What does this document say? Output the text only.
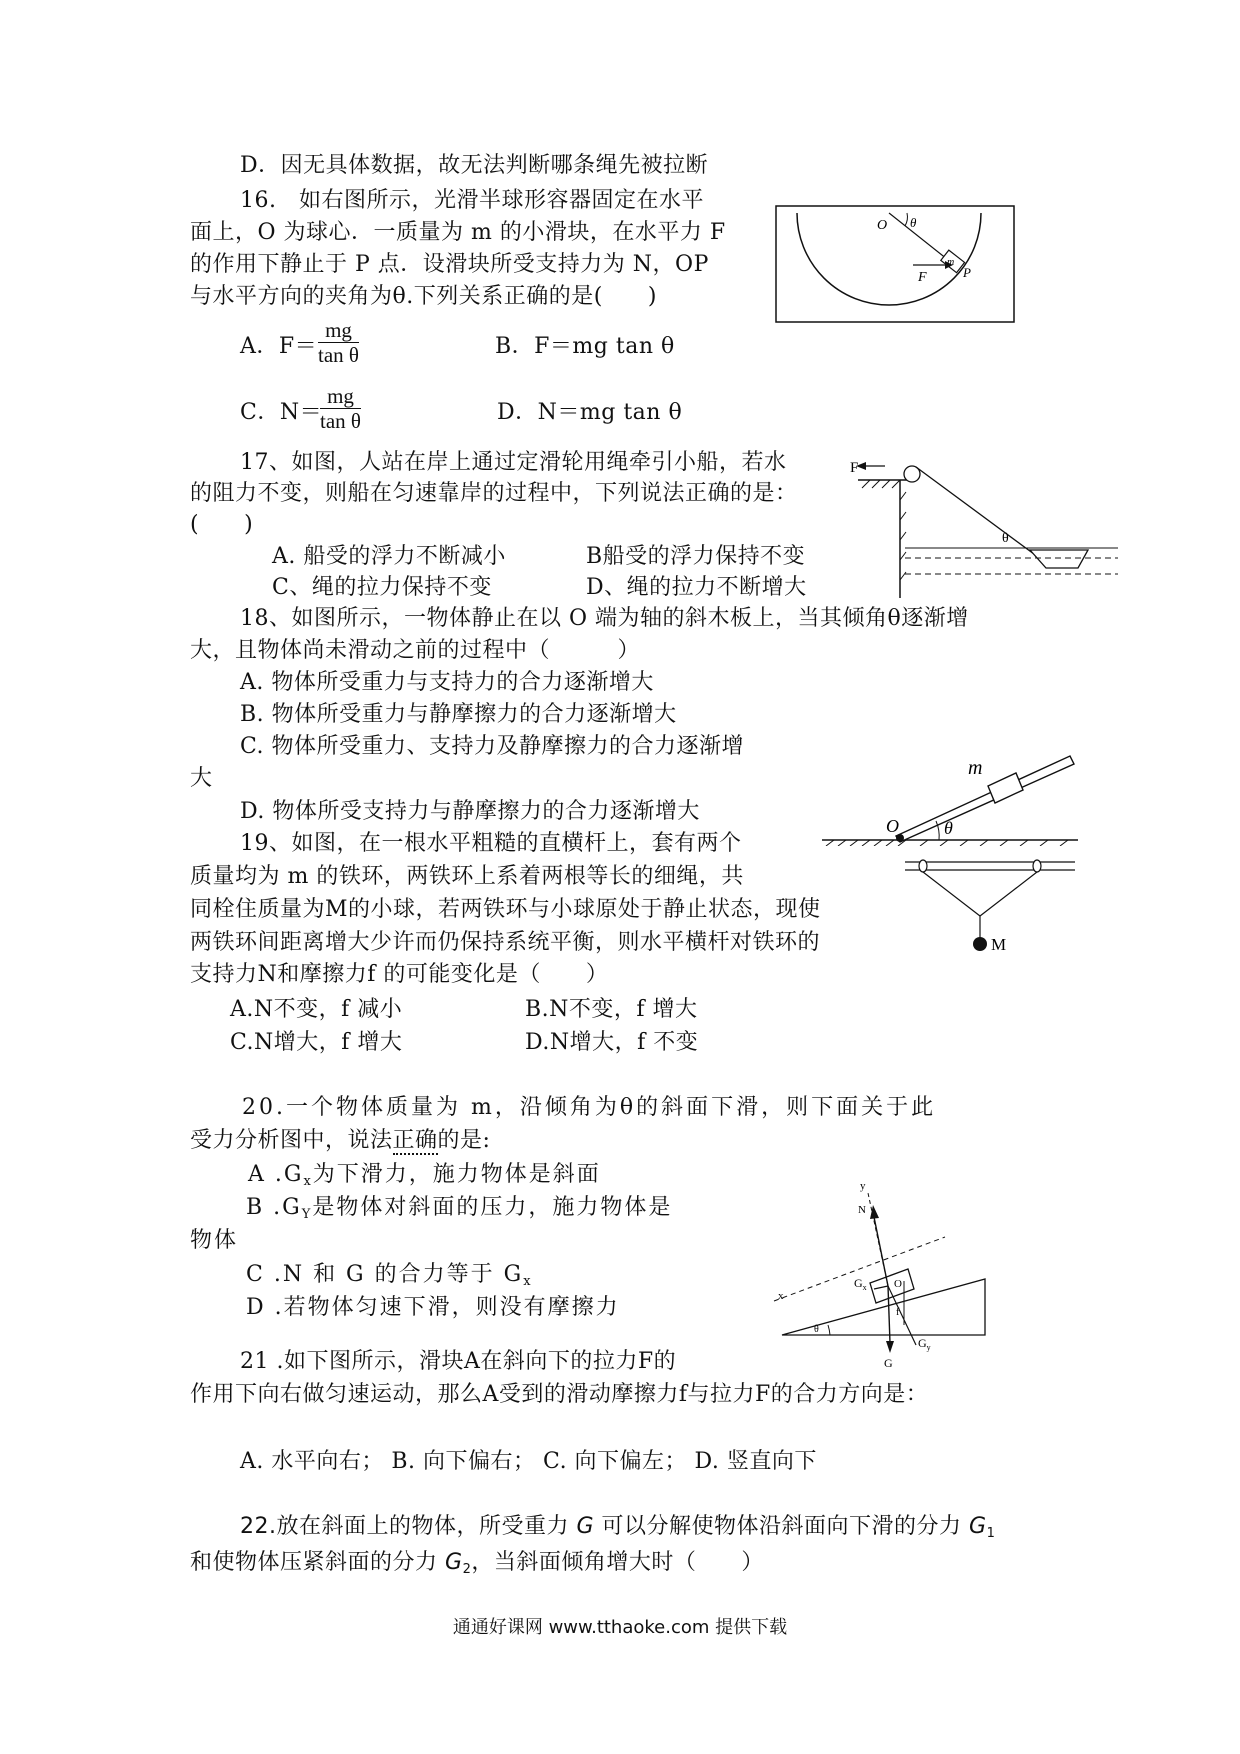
D．因无具体数据，故无法判断哪条绳先被拉断
16.　如右图所示，光滑半球形容器固定在水平
面上，O 为球心．一质量为 m 的小滑块，在水平力 F
的作用下静止于 P 点．设滑块所受支持力为 N，OP
与水平方向的夹角为θ.下列关系正确的是(　　)
A．$F= \frac{mg}{\text{tan θ}}$	B．F＝mg tan θ
C．N＝
$\frac{mg}{\text{tan θ}}$	D．N＝mg tan θ
O θ
F
m
P
17、如图，人站在岸上通过定滑轮用绳牵引小船，若水
的阻力不变，则船在匀速靠岸的过程中，下列说法正确的是：
(　　)
A. 船受的浮力不断减小	B船受的浮力保持不变
C、绳的拉力保持不变	D、绳的拉力不断增大
F
θ
18、如图所示，一物体静止在以 O 端为轴的斜木板上，当其倾角θ逐渐增
大，且物体尚未滑动之前的过程中（　　　）
A. 物体所受重力与支持力的合力逐渐增大
B. 物体所受重力与静摩擦力的合力逐渐增大
C. 物体所受重力、支持力及静摩擦力的合力逐渐增
大
D. 物体所受支持力与静摩擦力的合力逐渐增大
m
O	θ
19、如图，在一根水平粗糙的直横杆上，套有两个
质量均为 m 的铁环，两铁环上系着两根等长的细绳，共
同栓住质量为M的小球，若两铁环与小球原处于静止状态，现使
两铁环间距离增大少许而仍保持系统平衡，则水平横杆对铁环的
支持力N和摩擦力f 的可能变化是（　　）
A.N不变，f 减小	B.N不变，f 增大
C.N增大，f 增大	D.N增大，f 不变
M
20.一个物体质量为 m，沿倾角为θ的斜面下滑，则下面关于此
受力分析图中，说法正确的是:
A $.G_x$为下滑力，施力物体是斜面
B $.G_Y$是物体对斜面的压力，施力物体是
物体
C .N 和 G 的合力等于 $G_x$
D .若物体匀速下滑，则没有摩擦力
y
N
$G_x$ O
x
θ
f
G
$G_y$
21 .如下图所示，滑块A在斜向下的拉力F的
作用下向右做匀速运动，那么A受到的滑动摩擦力f与拉力F的合力方向是：
A. 水平向右； B. 向下偏右； C. 向下偏左； D. 竖直向下
22.放在斜面上的物体，所受重力 G 可以分解使物体沿斜面向下滑的分力 $G_1$
和使物体压紧斜面的分力 $G_2$，当斜面倾角增大时（　　）
通通好课网 www.tthaoke.com 提供下载
